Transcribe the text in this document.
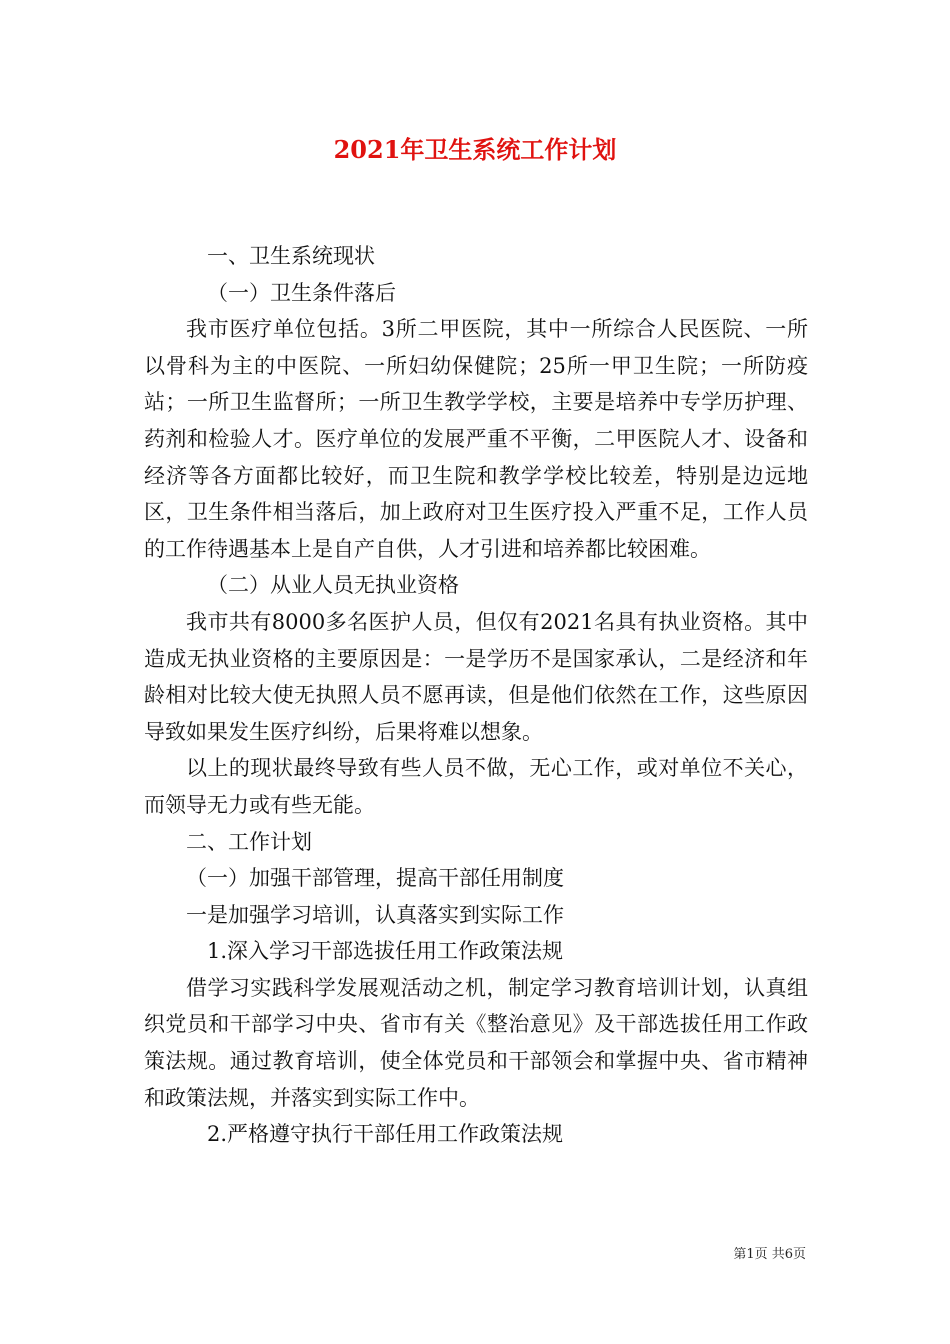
2021年卫生系统工作计划

一、卫生系统现状

（一）卫生条件落后

我市医疗单位包括。3所二甲医院，其中一所综合人民医院、一所以骨科为主的中医院、一所妇幼保健院；25所一甲卫生院；一所防疫站；一所卫生监督所；一所卫生教学学校，主要是培养中专学历护理、药剂和检验人才。医疗单位的发展严重不平衡，二甲医院人才、设备和经济等各方面都比较好，而卫生院和教学学校比较差，特别是边远地区，卫生条件相当落后，加上政府对卫生医疗投入严重不足，工作人员的工作待遇基本上是自产自供，人才引进和培养都比较困难。

（二）从业人员无执业资格

我市共有8000多名医护人员，但仅有2021名具有执业资格。其中造成无执业资格的主要原因是：一是学历不是国家承认，二是经济和年龄相对比较大使无执照人员不愿再读，但是他们依然在工作，这些原因导致如果发生医疗纠纷，后果将难以想象。

以上的现状最终导致有些人员不做，无心工作，或对单位不关心，而领导无力或有些无能。

二、工作计划

（一）加强干部管理，提高干部任用制度

一是加强学习培训，认真落实到实际工作

1.深入学习干部选拔任用工作政策法规

借学习实践科学发展观活动之机，制定学习教育培训计划，认真组织党员和干部学习中央、省市有关《整治意见》及干部选拔任用工作政策法规。通过教育培训，使全体党员和干部领会和掌握中央、省市精神和政策法规，并落实到实际工作中。

2.严格遵守执行干部任用工作政策法规

第1页 共6页
